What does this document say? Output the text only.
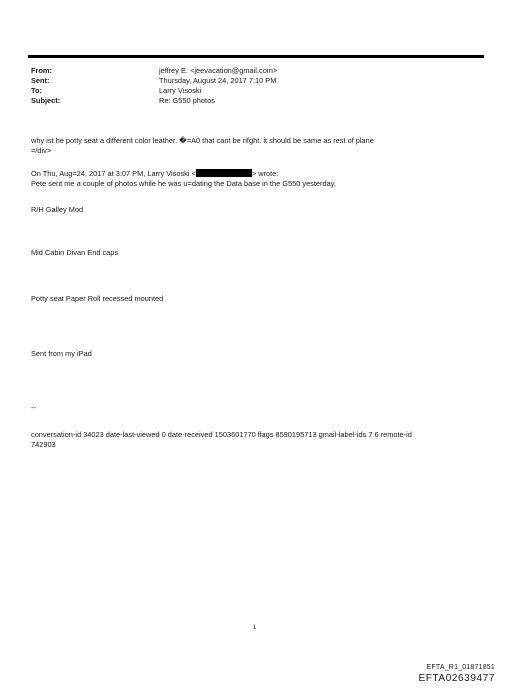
From:	jeffrey E. <jeevacation@gmail.com>
Sent:	Thursday, August 24, 2017 7:10 PM
To:	Larry Visoski
Subject:	Re: G550 photos
why ist he potty seat a different color leather. �=A0 that cant be rifght. it should be same as rest of plane
=/div>
On Thu, Aug=24, 2017 at 3:07 PM, Larry Visoski <	> wrote:
Pete sent me a couple of photos while he was u=dating the Data base in the G550 yesterday,
R/H Galley Mod
Mid Cabin Divan End caps
Potty seat Paper Roll recessed mounted
Sent from my iPad
--
conversation-id 34023 date-last-viewed 0 date-received 1503601770 flags 8590195713 gmail-label-ids 7 6 remote-id
742903
1
EFTA_R1_01871851
EFTA02639477
